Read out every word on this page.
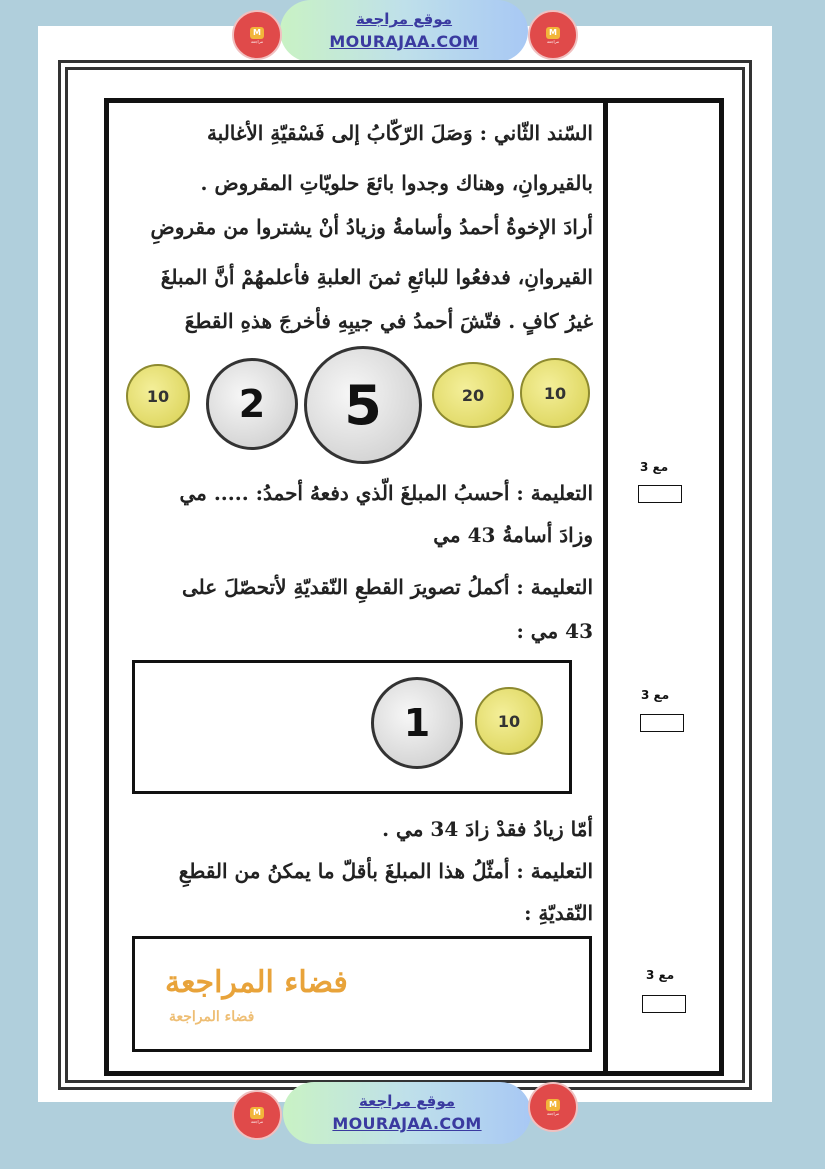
موقع مراجعة
MOURAJAA.COM
M
مراجعة
M
مراجعة
السّند الثّاني : وَصَلَ الرّكّابُ إلى فَسْقيّةِ الأغالبة
بالقيروانِ، وهناك وجدوا بائعَ حلويّاتِ المقروض .
أرادَ الإخوةُ أحمدُ وأسامةُ وزيادُ أنْ يشتروا من مقروضِ
القيروانِ، فدفعُوا للبائعِ ثمنَ العلبةِ فأعلمهُمْ أنَّ المبلغَ
غيرُ كافٍ . فتّشَ أحمدُ في جيبِهِ فأخرجَ هذهِ القطعَ
10	2	5	20	10
التعليمة : أحسبُ المبلغَ الّذي دفعهُ أحمدُ: ..... مي
وزادَ أسامةُ 43 مي
التعليمة : أكملُ تصويرَ القطعِ النّقديّةِ لأتحصّلَ على
43 مي :
1	10
أمّا زيادُ فقدْ زادَ 34 مي .
التعليمة : أمثّلُ هذا المبلغَ بأقلّ ما يمكنُ من القطعِ
النّقديّةِ :
فضاء المراجعة
فضاء المراجعة
مع 3
مع 3
مع 3
موقع مراجعة
MOURAJAA.COM
M
مراجعة
M
مراجعة
